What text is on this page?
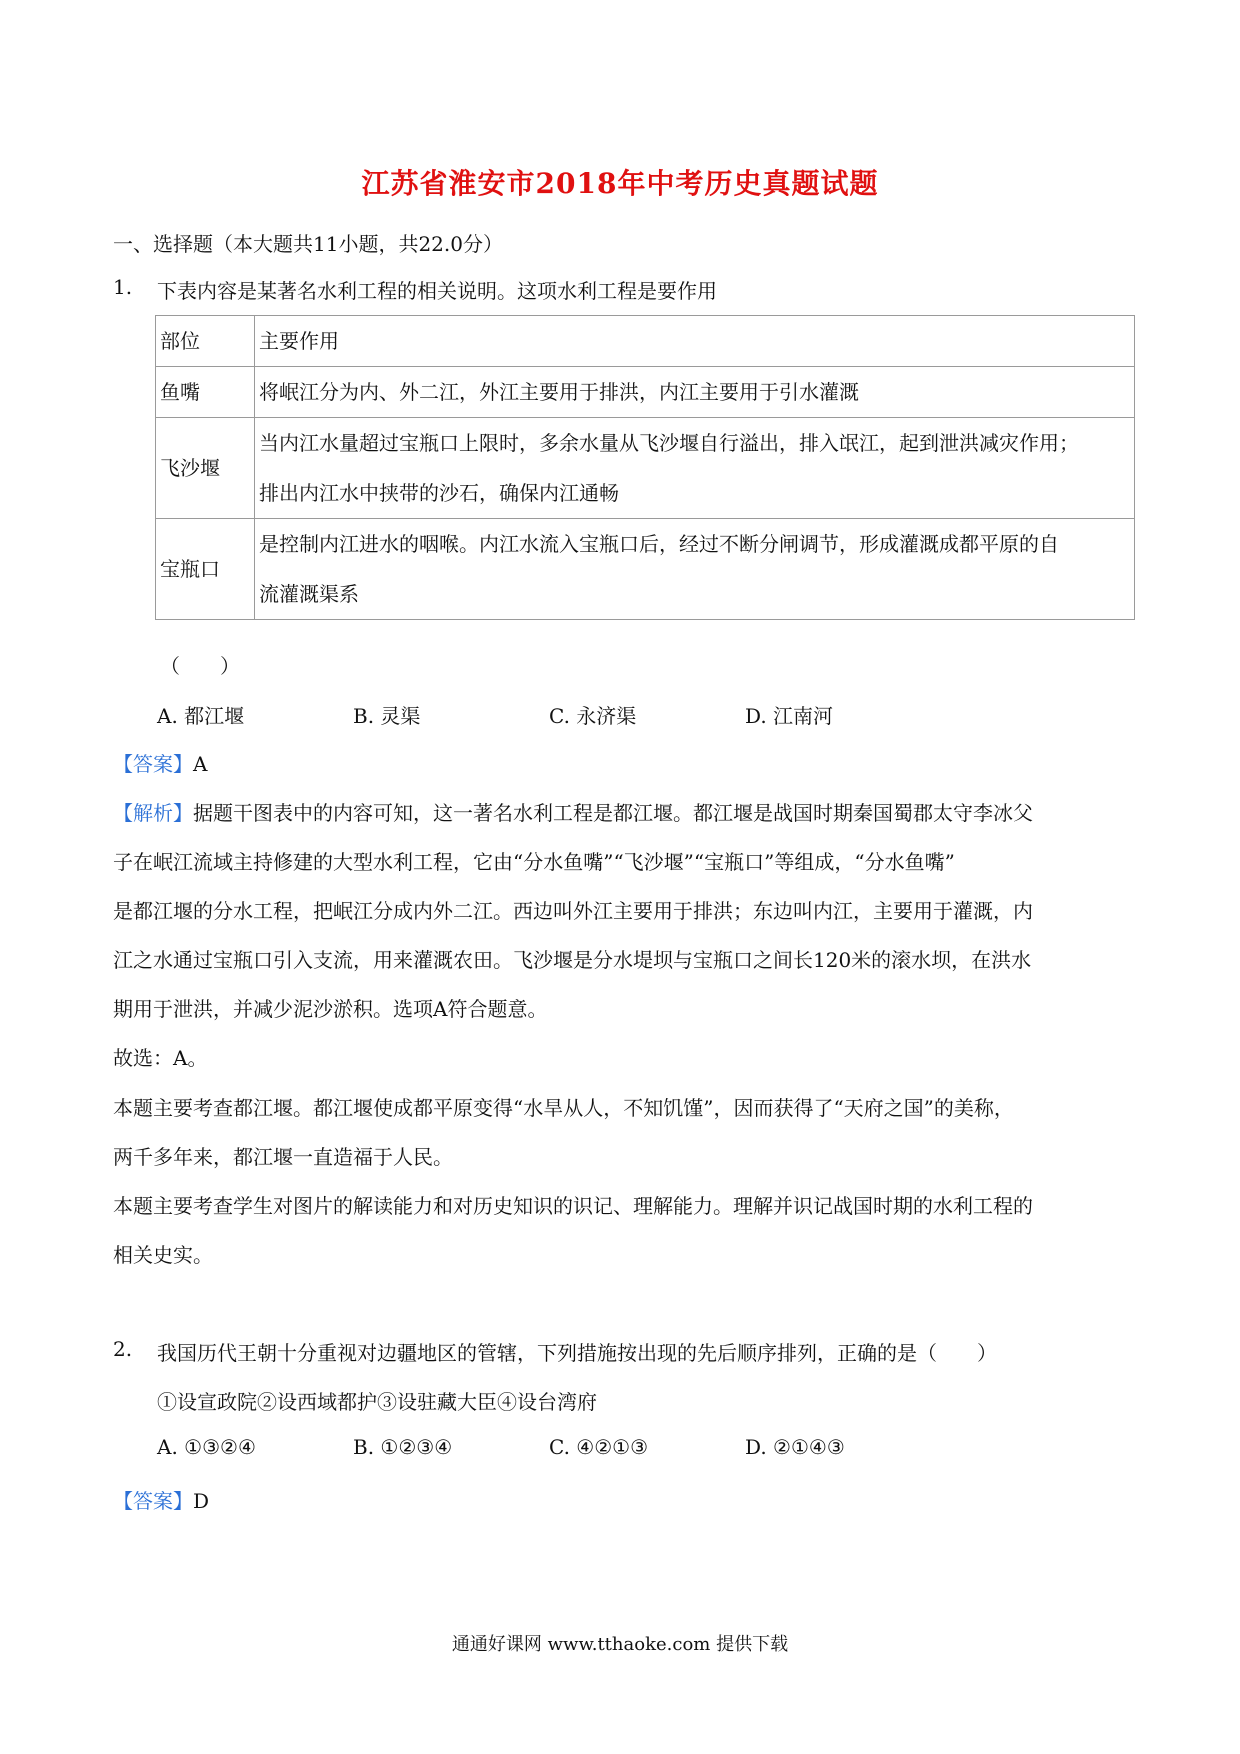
江苏省淮安市2018年中考历史真题试题
一、选择题（本大题共11小题，共22.0分）
1. 下表内容是某著名水利工程的相关说明。这项水利工程是要作用
部位	主要作用
鱼嘴	将岷江分为内、外二江，外江主要用于排洪，内江主要用于引水灌溉

飞沙堰	当内江水量超过宝瓶口上限时，多余水量从飞沙堰自行溢出，排入氓江，起到泄洪减灾作用；
排出内江水中挟带的沙石，确保内江通畅

宝瓶口	是控制内江进水的咽喉。内江水流入宝瓶口后，经过不断分闸调节，形成灌溉成都平原的自
流灌溉渠系
（　　）
A. 都江堰	B. 灵渠	C. 永济渠	D. 江南河
【答案】A
【解析】据题干图表中的内容可知，这一著名水利工程是都江堰。都江堰是战国时期秦国蜀郡太守李冰父
子在岷江流域主持修建的大型水利工程，它由“分水鱼嘴”“飞沙堰”“宝瓶口”等组成，“分水鱼嘴”
是都江堰的分水工程，把岷江分成内外二江。西边叫外江主要用于排洪；东边叫内江，主要用于灌溉，内
江之水通过宝瓶口引入支流，用来灌溉农田。飞沙堰是分水堤坝与宝瓶口之间长120米的滚水坝，在洪水
期用于泄洪，并减少泥沙淤积。选项A符合题意。
故选：A。
本题主要考查都江堰。都江堰使成都平原变得“水旱从人，不知饥馑”，因而获得了“天府之国”的美称，
两千多年来，都江堰一直造福于人民。
本题主要考查学生对图片的解读能力和对历史知识的识记、理解能力。理解并识记战国时期的水利工程的
相关史实。
2. 我国历代王朝十分重视对边疆地区的管辖，下列措施按出现的先后顺序排列，正确的是（　　）
①设宣政院②设西域都护③设驻藏大臣④设台湾府
A. ①③②④	B. ①②③④	C. ④②①③	D. ②①④③
【答案】D
通通好课网 www.tthaoke.com 提供下载
